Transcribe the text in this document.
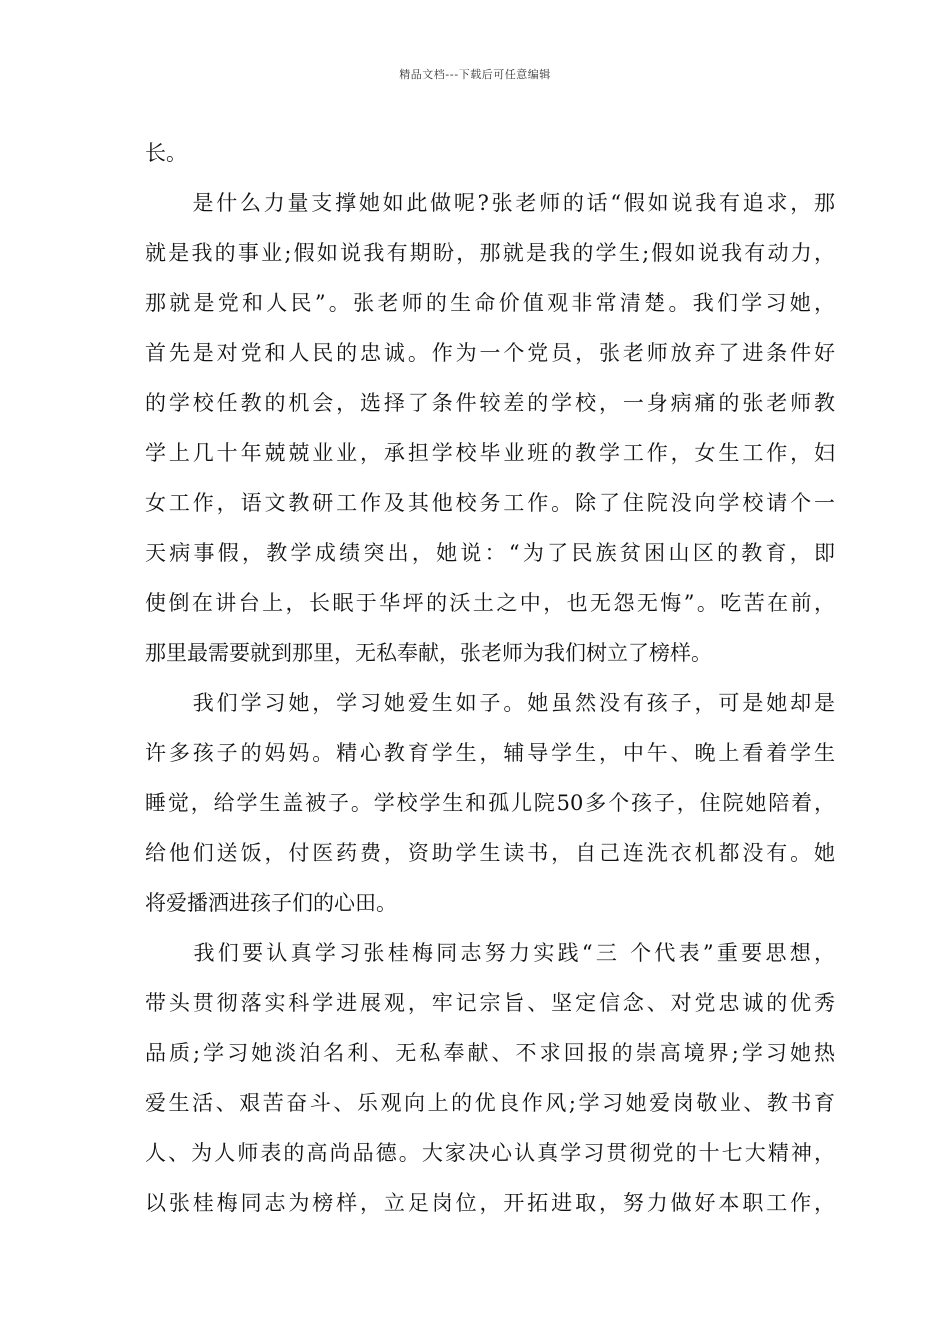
精品文档---下载后可任意编辑
长。
　　是什么力量支撑她如此做呢?张老师的话“假如说我有追求，那
就是我的事业;假如说我有期盼，那就是我的学生;假如说我有动力，
那就是党和人民”。张老师的生命价值观非常清楚。我们学习她，
首先是对党和人民的忠诚。作为一个党员，张老师放弃了进条件好
的学校任教的机会，选择了条件较差的学校，一身病痛的张老师教
学上几十年兢兢业业，承担学校毕业班的教学工作，女生工作，妇
女工作，语文教研工作及其他校务工作。除了住院没向学校请个一
天病事假，教学成绩突出，她说：“为了民族贫困山区的教育，即
使倒在讲台上，长眠于华坪的沃土之中，也无怨无悔”。吃苦在前，
那里最需要就到那里，无私奉献，张老师为我们树立了榜样。
　　我们学习她，学习她爱生如子。她虽然没有孩子，可是她却是
许多孩子的妈妈。精心教育学生，辅导学生，中午、晚上看着学生
睡觉，给学生盖被子。学校学生和孤儿院50多个孩子，住院她陪着，
给他们送饭，付医药费，资助学生读书，自己连洗衣机都没有。她
将爱播洒进孩子们的心田。
　　我们要认真学习张桂梅同志努力实践“三 个代表”重要思想，
带头贯彻落实科学进展观，牢记宗旨、坚定信念、对党忠诚的优秀
品质;学习她淡泊名利、无私奉献、不求回报的崇高境界;学习她热
爱生活、艰苦奋斗、乐观向上的优良作风;学习她爱岗敬业、教书育
人、为人师表的高尚品德。大家决心认真学习贯彻党的十七大精神，
以张桂梅同志为榜样，立足岗位，开拓进取，努力做好本职工作，
